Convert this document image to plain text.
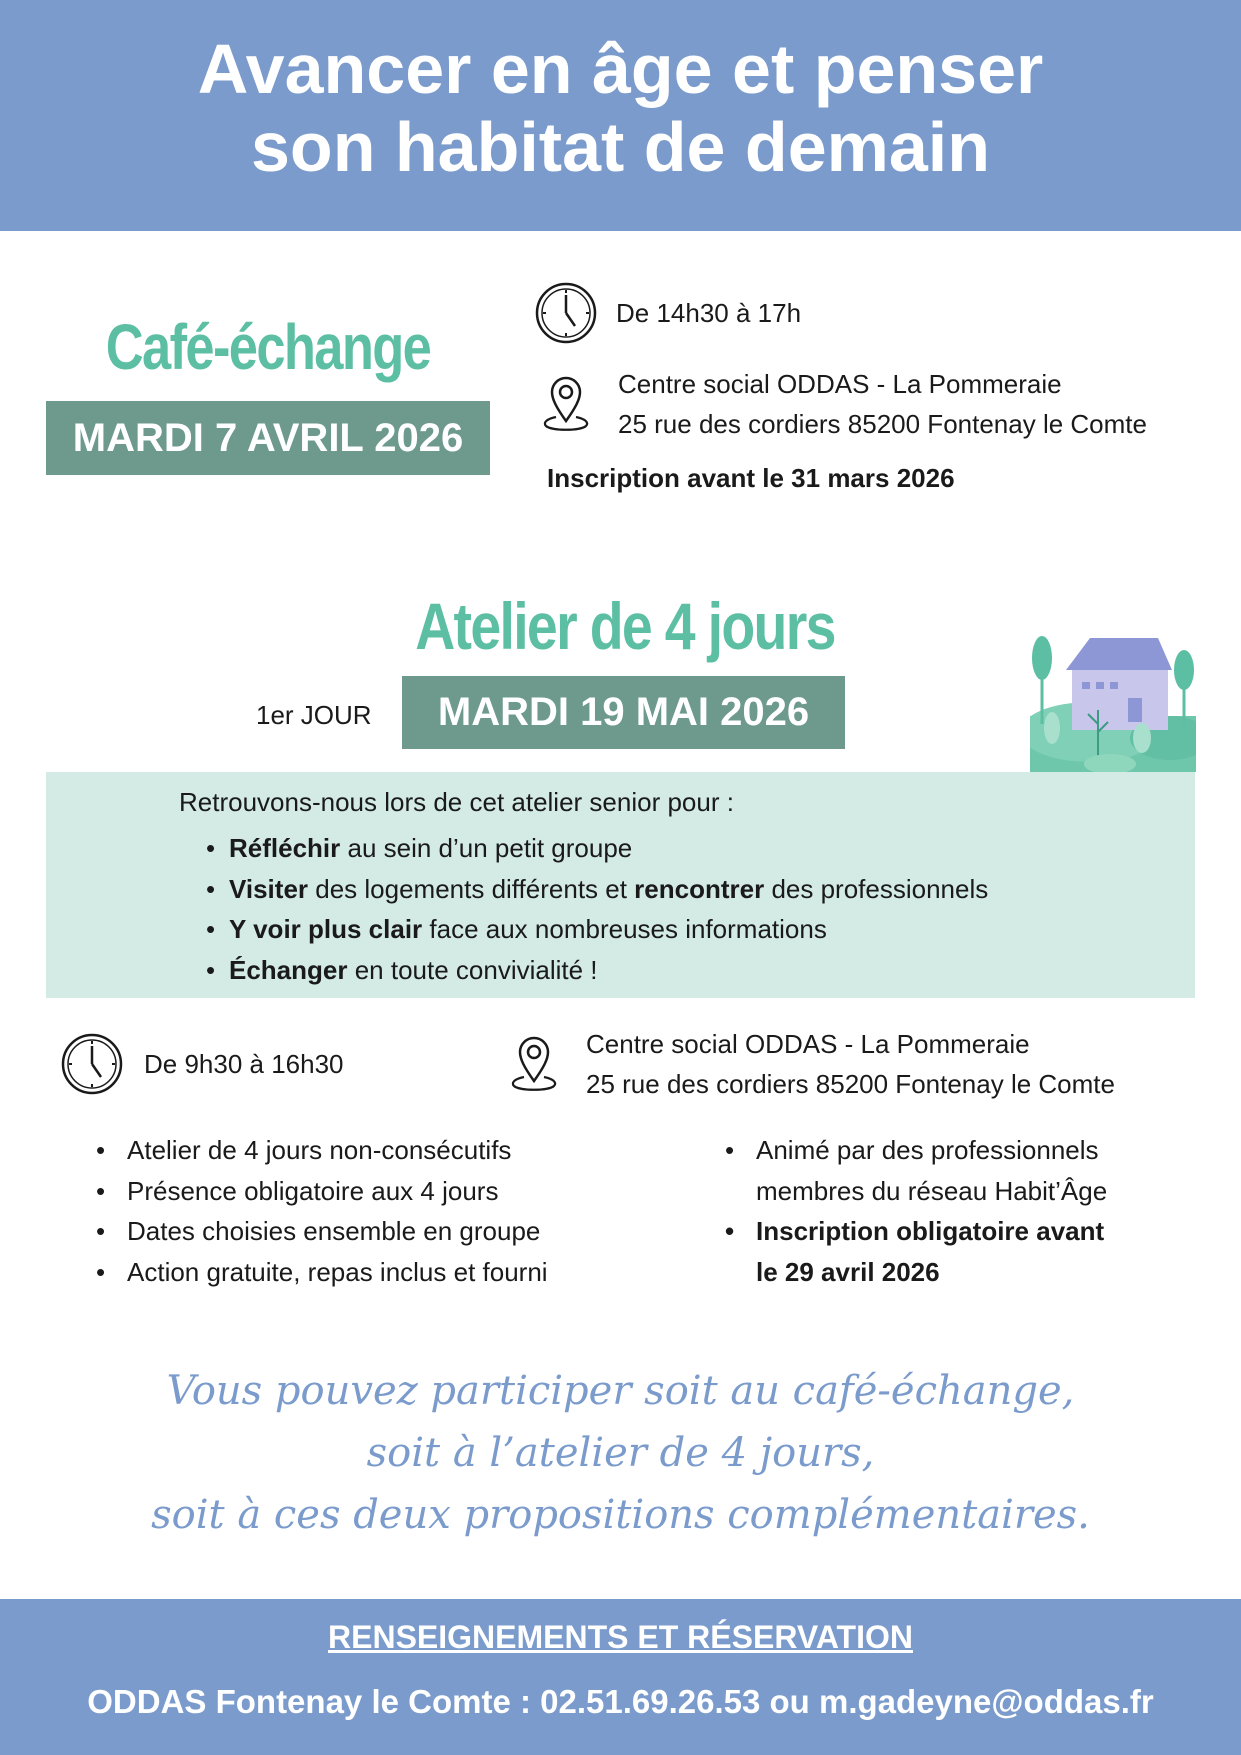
Avancer en âge et penser
son habitat de demain
Café-échange
MARDI 7 AVRIL 2026
De 14h30 à 17h
Centre social ODDAS - La Pommeraie
25 rue des cordiers 85200 Fontenay le Comte
Inscription avant le 31 mars 2026
Atelier de 4 jours
1er JOUR	MARDI 19 MAI 2026
Retrouvons-nous lors de cet atelier senior pour :
• Réfléchir au sein d’un petit groupe
• Visiter des logements différents et rencontrer des professionnels
• Y voir plus clair face aux nombreuses informations
• Échanger en toute convivialité !
De 9h30 à 16h30
Centre social ODDAS - La Pommeraie
25 rue des cordiers 85200 Fontenay le Comte
• Atelier de 4 jours non-consécutifs
• Présence obligatoire aux 4 jours
• Dates choisies ensemble en groupe
• Action gratuite, repas inclus et fourni
• Animé par des professionnels
membres du réseau Habit’Âge
• Inscription obligatoire avant
le 29 avril 2026
Vous pouvez participer soit au café-échange,
soit à l’atelier de 4 jours,
soit à ces deux propositions complémentaires.
RENSEIGNEMENTS ET RÉSERVATION
ODDAS Fontenay le Comte : 02.51.69.26.53 ou m.gadeyne@oddas.fr
